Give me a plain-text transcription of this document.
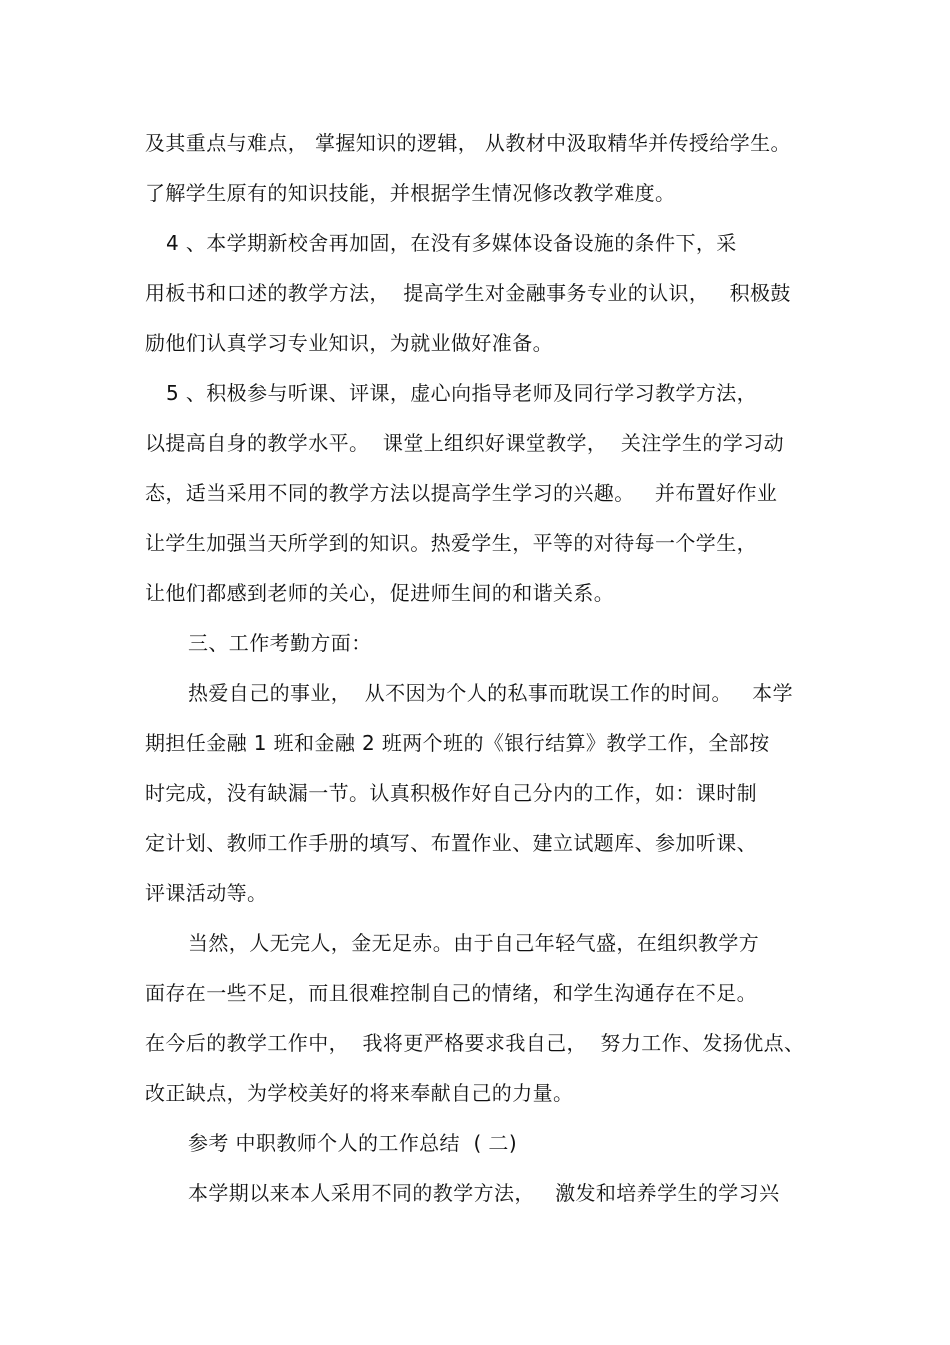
及其重点与难点， 掌握知识的逻辑， 从教材中汲取精华并传授给学生。
了解学生原有的知识技能，并根据学生情况修改教学难度。
4 、本学期新校舍再加固，在没有多媒体设备设施的条件下，采
用板书和口述的教学方法，  提高学生对金融事务专业的认识，   积极鼓
励他们认真学习专业知识，为就业做好准备。
5 、积极参与听课、评课，虚心向指导老师及同行学习教学方法，
以提高自身的教学水平。  课堂上组织好课堂教学，  关注学生的学习动
态，适当采用不同的教学方法以提高学生学习的兴趣。   并布置好作业
让学生加强当天所学到的知识。热爱学生，平等的对待每一个学生，
让他们都感到老师的关心，促进师生间的和谐关系。
三、工作考勤方面：
热爱自己的事业，  从不因为个人的私事而耽误工作的时间。   本学
期担任金融 1 班和金融 2 班两个班的《银行结算》教学工作，全部按
时完成，没有缺漏一节。认真积极作好自己分内的工作，如：课时制
定计划、教师工作手册的填写、布置作业、建立试题库、参加听课、
评课活动等。
当然，人无完人，金无足赤。由于自己年轻气盛，在组织教学方
面存在一些不足，而且很难控制自己的情绪，和学生沟通存在不足。
在今后的教学工作中，  我将更严格要求我自己，  努力工作、发扬优点、
改正缺点，为学校美好的将来奉献自己的力量。
参考 中职教师个人的工作总结  ( 二)
本学期以来本人采用不同的教学方法，   激发和培养学生的学习兴
